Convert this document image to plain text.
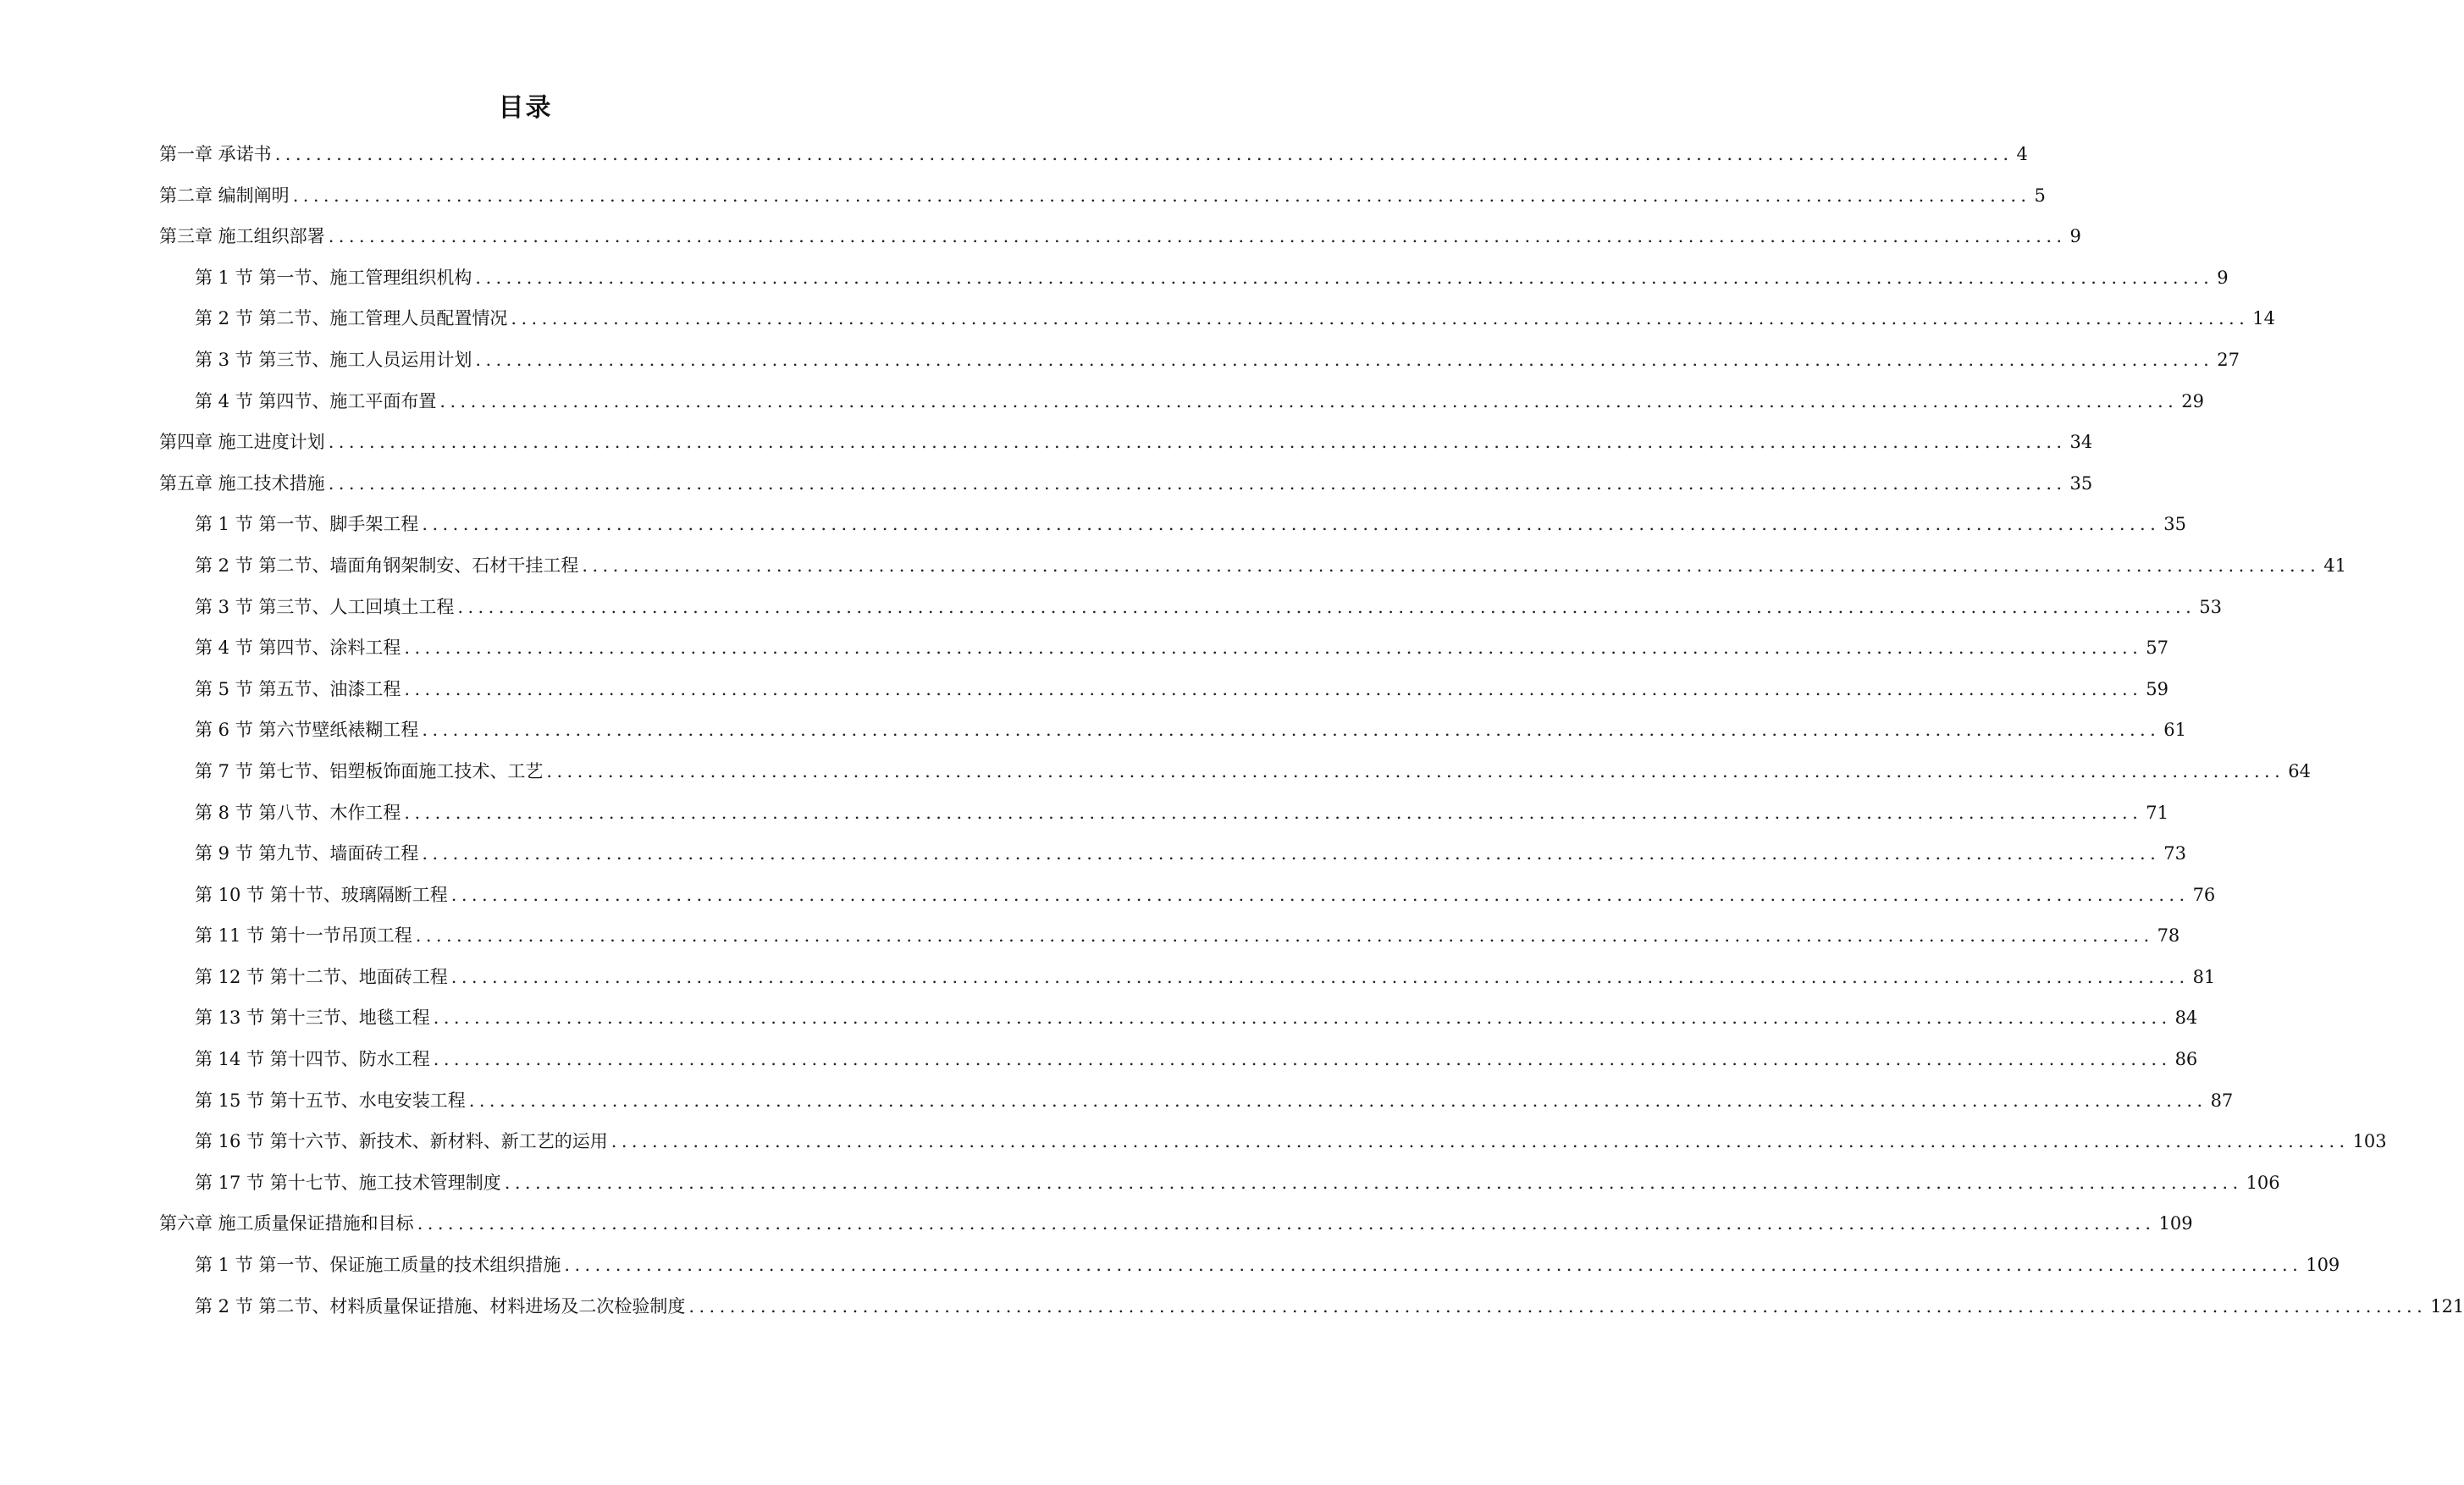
目录
第一章 承诺书 .......................................................................................................................................................................... 4
第二章 编制阐明 .......................................................................................................................................................................... 5
第三章 施工组织部署 .......................................................................................................................................................................... 9
第 1 节 第一节、施工管理组织机构 .......................................................................................................................................................................... 9
第 2 节 第二节、施工管理人员配置情况 .......................................................................................................................................................................... 14
第 3 节 第三节、施工人员运用计划 .......................................................................................................................................................................... 27
第 4 节 第四节、施工平面布置 .......................................................................................................................................................................... 29
第四章 施工进度计划 .......................................................................................................................................................................... 34
第五章 施工技术措施 .......................................................................................................................................................................... 35
第 1 节 第一节、脚手架工程 .......................................................................................................................................................................... 35
第 2 节 第二节、墙面角钢架制安、石材干挂工程 .......................................................................................................................................................................... 41
第 3 节 第三节、人工回填土工程 .......................................................................................................................................................................... 53
第 4 节 第四节、涂料工程 .......................................................................................................................................................................... 57
第 5 节 第五节、油漆工程 .......................................................................................................................................................................... 59
第 6 节 第六节壁纸裱糊工程 .......................................................................................................................................................................... 61
第 7 节 第七节、铝塑板饰面施工技术、工艺 .......................................................................................................................................................................... 64
第 8 节 第八节、木作工程 .......................................................................................................................................................................... 71
第 9 节 第九节、墙面砖工程 .......................................................................................................................................................................... 73
第 10 节 第十节、玻璃隔断工程 .......................................................................................................................................................................... 76
第 11 节 第十一节吊顶工程 .......................................................................................................................................................................... 78
第 12 节 第十二节、地面砖工程 .......................................................................................................................................................................... 81
第 13 节 第十三节、地毯工程 .......................................................................................................................................................................... 84
第 14 节 第十四节、防水工程 .......................................................................................................................................................................... 86
第 15 节 第十五节、水电安装工程 .......................................................................................................................................................................... 87
第 16 节 第十六节、新技术、新材料、新工艺的运用 .......................................................................................................................................................................... 103
第 17 节 第十七节、施工技术管理制度 .......................................................................................................................................................................... 106
第六章 施工质量保证措施和目标 .......................................................................................................................................................................... 109
第 1 节 第一节、保证施工质量的技术组织措施 .......................................................................................................................................................................... 109
第 2 节 第二节、材料质量保证措施、材料进场及二次检验制度 .......................................................................................................................................................................... 121
